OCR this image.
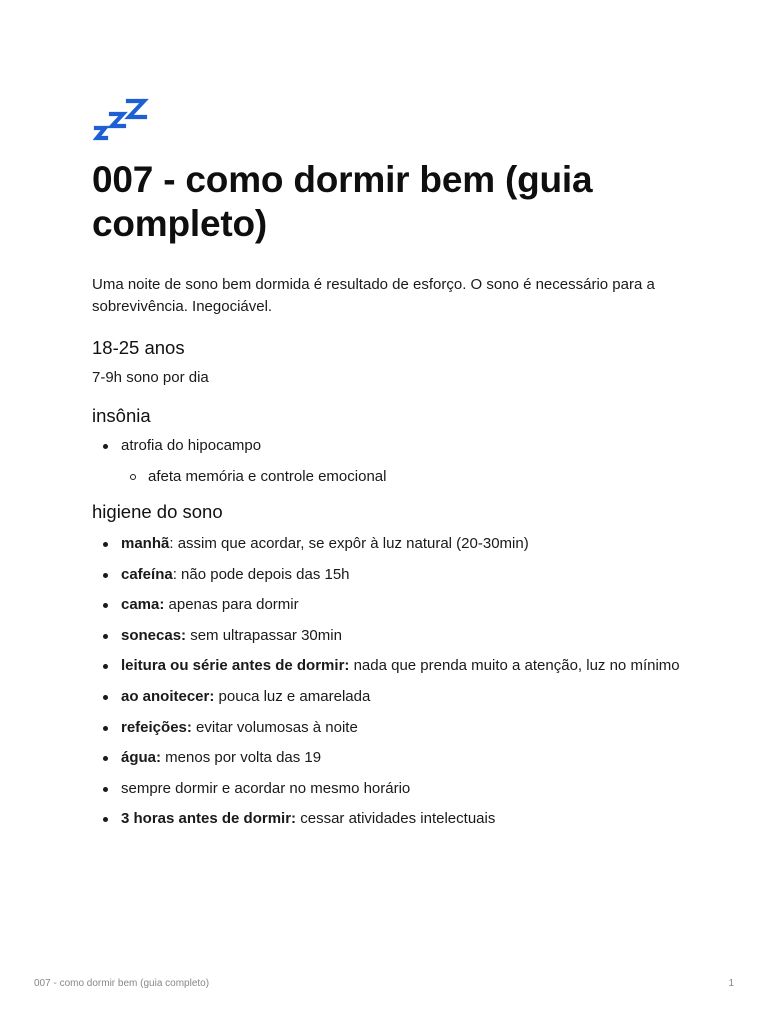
007 - como dormir bem (guia completo)

Uma noite de sono bem dormida é resultado de esforço. O sono é necessário para a sobrevivência. Inegociável.

18-25 anos

7-9h sono por dia

insônia
atrofia do hipocampo
afeta memória e controle emocional
higiene do sono
manhã: assim que acordar, se expôr à luz natural (20-30min)
cafeína: não pode depois das 15h
cama: apenas para dormir
sonecas: sem ultrapassar 30min
leitura ou série antes de dormir: nada que prenda muito a atenção, luz no mínimo
ao anoitecer: pouca luz e amarelada
refeições: evitar volumosas à noite
água: menos por volta das 19
sempre dormir e acordar no mesmo horário
3 horas antes de dormir: cessar atividades intelectuais
007 - como dormir bem (guia completo)	1
